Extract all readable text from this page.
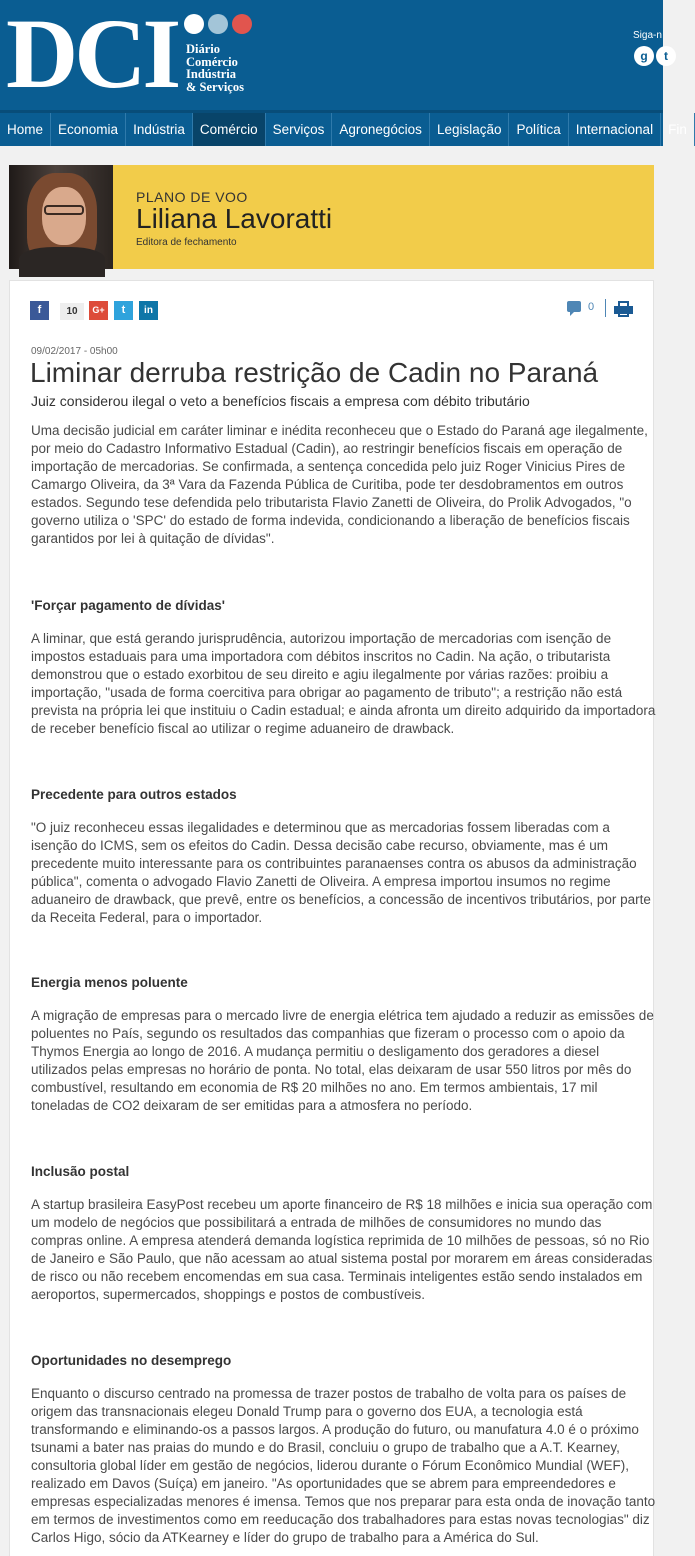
DCI Diário
Comércio
Indústria
& Serviços
Siga-n
g	t
Home	Economia	Indústria	Comércio	Serviços	Agronegócios	Legislação	Política	Internacional	Fin
PLANO DE VOO
Liliana Lavoratti
Editora de fechamento
f	10	G+	t	in	0
09/02/2017 - 05h00
Liminar derruba restrição de Cadin no Paraná
Juiz considerou ilegal o veto a benefícios fiscais a empresa com débito tributário
Uma decisão judicial em caráter liminar e inédita reconheceu que o Estado do Paraná age ilegalmente,
por meio do Cadastro Informativo Estadual (Cadin), ao restringir benefícios fiscais em operação de
importação de mercadorias. Se confirmada, a sentença concedida pelo juiz Roger Vinicius Pires de
Camargo Oliveira, da 3ª Vara da Fazenda Pública de Curitiba, pode ter desdobramentos em outros
estados. Segundo tese defendida pelo tributarista Flavio Zanetti de Oliveira, do Prolik Advogados, "o
governo utiliza o 'SPC' do estado de forma indevida, condicionando a liberação de benefícios fiscais
garantidos por lei à quitação de dívidas".
'Forçar pagamento de dívidas'
A liminar, que está gerando jurisprudência, autorizou importação de mercadorias com isenção de
impostos estaduais para uma importadora com débitos inscritos no Cadin. Na ação, o tributarista
demonstrou que o estado exorbitou de seu direito e agiu ilegalmente por várias razões: proibiu a
importação, "usada de forma coercitiva para obrigar ao pagamento de tributo"; a restrição não está
prevista na própria lei que instituiu o Cadin estadual; e ainda afronta um direito adquirido da importadora
de receber benefício fiscal ao utilizar o regime aduaneiro de drawback.
Precedente para outros estados
"O juiz reconheceu essas ilegalidades e determinou que as mercadorias fossem liberadas com a
isenção do ICMS, sem os efeitos do Cadin. Dessa decisão cabe recurso, obviamente, mas é um
precedente muito interessante para os contribuintes paranaenses contra os abusos da administração
pública", comenta o advogado Flavio Zanetti de Oliveira. A empresa importou insumos no regime
aduaneiro de drawback, que prevê, entre os benefícios, a concessão de incentivos tributários, por parte
da Receita Federal, para o importador.
Energia menos poluente
A migração de empresas para o mercado livre de energia elétrica tem ajudado a reduzir as emissões de
poluentes no País, segundo os resultados das companhias que fizeram o processo com o apoio da
Thymos Energia ao longo de 2016. A mudança permitiu o desligamento dos geradores a diesel
utilizados pelas empresas no horário de ponta. No total, elas deixaram de usar 550 litros por mês do
combustível, resultando em economia de R$ 20 milhões no ano. Em termos ambientais, 17 mil
toneladas de CO2 deixaram de ser emitidas para a atmosfera no período.
Inclusão postal
A startup brasileira EasyPost recebeu um aporte financeiro de R$ 18 milhões e inicia sua operação com
um modelo de negócios que possibilitará a entrada de milhões de consumidores no mundo das
compras online. A empresa atenderá demanda logística reprimida de 10 milhões de pessoas, só no Rio
de Janeiro e São Paulo, que não acessam ao atual sistema postal por morarem em áreas consideradas
de risco ou não recebem encomendas em sua casa. Terminais inteligentes estão sendo instalados em
aeroportos, supermercados, shoppings e postos de combustíveis.
Oportunidades no desemprego
Enquanto o discurso centrado na promessa de trazer postos de trabalho de volta para os países de
origem das transnacionais elegeu Donald Trump para o governo dos EUA, a tecnologia está
transformando e eliminando-os a passos largos. A produção do futuro, ou manufatura 4.0 é o próximo
tsunami a bater nas praias do mundo e do Brasil, concluiu o grupo de trabalho que a A.T. Kearney,
consultoria global líder em gestão de negócios, liderou durante o Fórum Econômico Mundial (WEF),
realizado em Davos (Suíça) em janeiro. "As oportunidades que se abrem para empreendedores e
empresas especializadas menores é imensa. Temos que nos preparar para esta onda de inovação tanto
em termos de investimentos como em reeducação dos trabalhadores para estas novas tecnologias" diz
Carlos Higo, sócio da ATKearney e líder do grupo de trabalho para a América do Sul.
